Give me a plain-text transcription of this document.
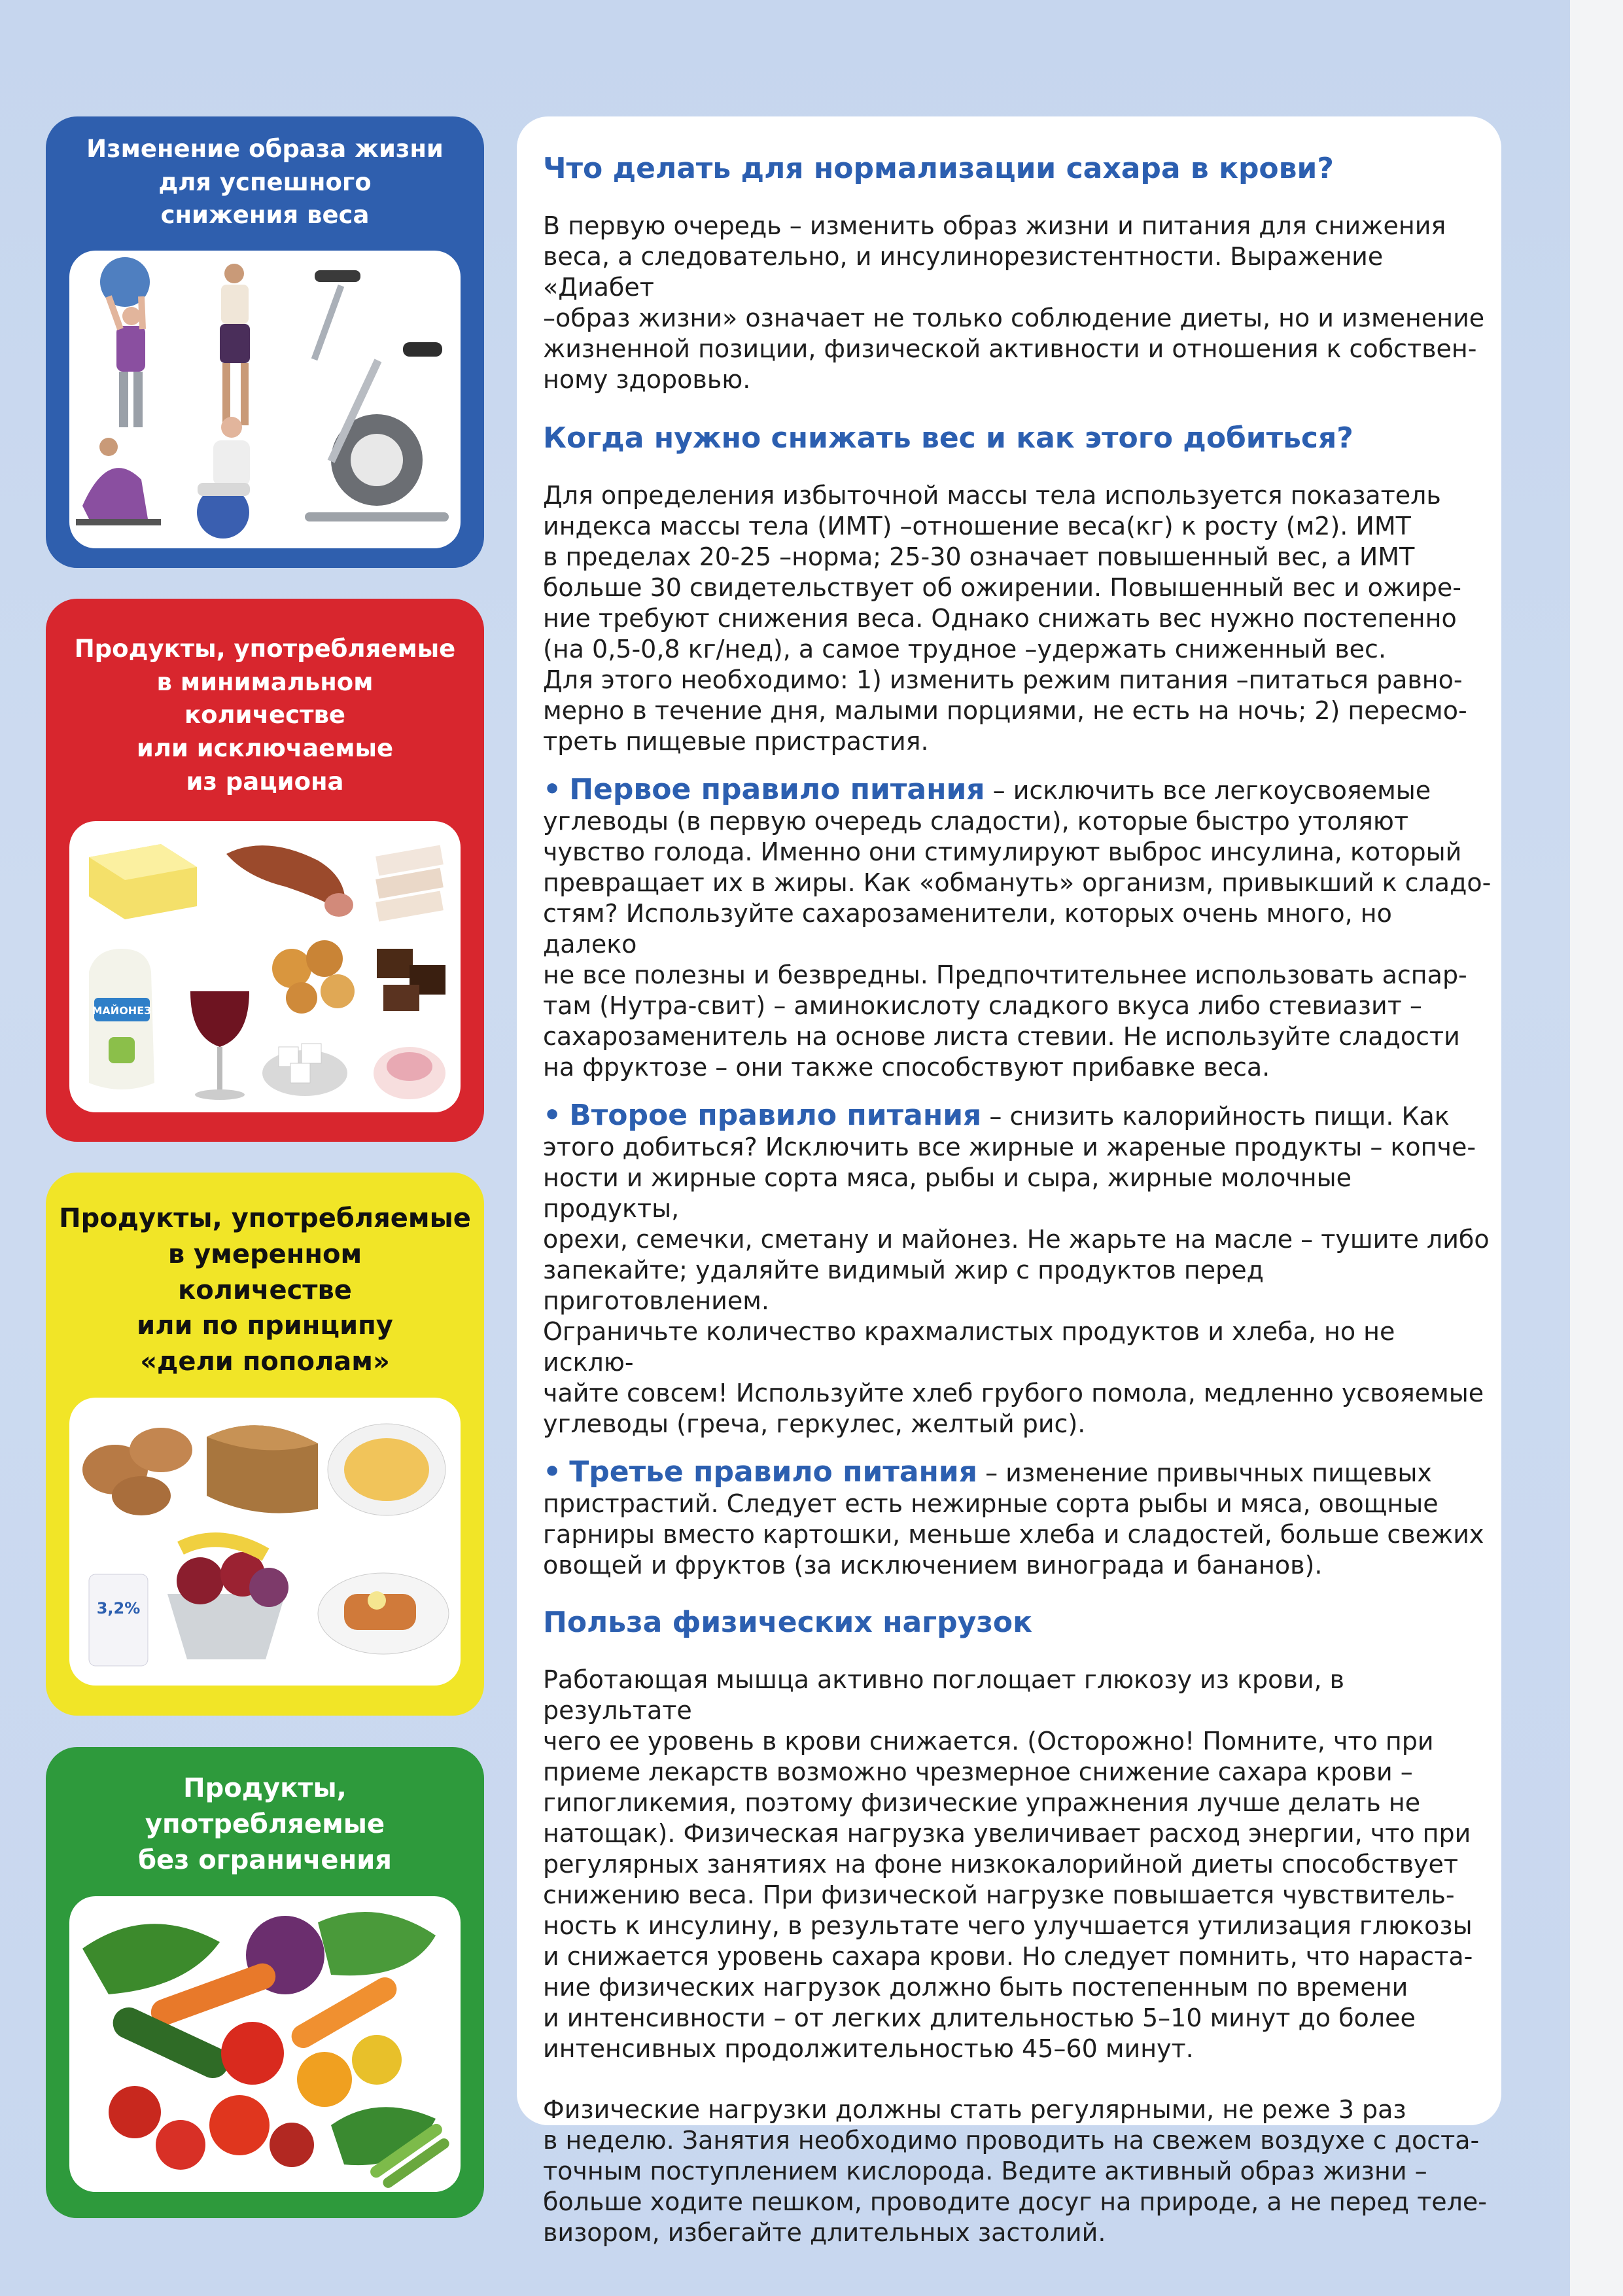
Изменение образа жизни
для успешного
снижения веса
Продукты, употребляемые
в минимальном
количестве
или исключаемые
из рациона
МАЙОНЕЗ
Продукты, употребляемые
в умеренном
количестве
или по принципу
«дели пополам»
3,2%
Продукты,
употребляемые
без ограничения
Что делать для нормализации сахара в крови?

В первую очередь – изменить образ жизни и питания для снижения
веса, а следовательно, и инсулинорезистентности. Выражение «Диабет
–образ жизни» означает не только соблюдение диеты, но и изменение
жизненной позиции, физической активности и отношения к собствен-
ному здоровью.

Когда нужно снижать вес и как этого добиться?

Для определения избыточной массы тела используется показатель
индекса массы тела (ИМТ) –отношение веса(кг) к росту (м2). ИМТ
в пределах 20-25 –норма; 25-30 означает повышенный вес, а ИМТ
больше 30 свидетельствует об ожирении. Повышенный вес и ожире-
ние требуют снижения веса. Однако снижать вес нужно постепенно
(на 0,5-0,8 кг/нед), а самое трудное –удержать сниженный вес.
Для этого необходимо: 1) изменить режим питания –питаться равно-
мерно в течение дня, малыми порциями, не есть на ночь; 2) пересмо-
треть пищевые пристрастия.

• Первое правило питания – исключить все легкоусвояемые
углеводы (в первую очередь сладости), которые быстро утоляют
чувство голода. Именно они стимулируют выброс инсулина, который
превращает их в жиры. Как «обмануть» организм, привыкший к сладо-
стям? Используйте сахарозаменители, которых очень много, но далеко
не все полезны и безвредны. Предпочтительнее использовать аспар-
там (Нутра-свит) – аминокислоту сладкого вкуса либо стевиазит –
сахарозаменитель на основе листа стевии. Не используйте сладости
на фруктозе – они также способствуют прибавке веса.

• Второе правило питания – снизить калорийность пищи. Как
этого добиться? Исключить все жирные и жареные продукты – копче-
ности и жирные сорта мяса, рыбы и сыра, жирные молочные продукты,
орехи, семечки, сметану и майонез. Не жарьте на масле – тушите либо
запекайте; удаляйте видимый жир с продуктов перед приготовлением.
Ограничьте количество крахмалистых продуктов и хлеба, но не исклю-
чайте совсем! Используйте хлеб грубого помола, медленно усвояемые
углеводы (греча, геркулес, желтый рис).

• Третье правило питания – изменение привычных пищевых
пристрастий. Следует есть нежирные сорта рыбы и мяса, овощные
гарниры вместо картошки, меньше хлеба и сладостей, больше свежих
овощей и фруктов (за исключением винограда и бананов).

Польза физических нагрузок

Работающая мышца активно поглощает глюкозу из крови, в результате
чего ее уровень в крови снижается. (Осторожно! Помните, что при
приеме лекарств возможно чрезмерное снижение сахара крови –
гипогликемия, поэтому физические упражнения лучше делать не
натощак). Физическая нагрузка увеличивает расход энергии, что при
регулярных занятиях на фоне низкокалорийной диеты способствует
снижению веса. При физической нагрузке повышается чувствитель-
ность к инсулину, в результате чего улучшается утилизация глюкозы
и снижается уровень сахара крови. Но следует помнить, что нараста-
ние физических нагрузок должно быть постепенным по времени
и интенсивности – от легких длительностью 5–10 минут до более
интенсивных продолжительностью 45–60 минут.

Физические нагрузки должны стать регулярными, не реже 3 раз
в неделю. Занятия необходимо проводить на свежем воздухе с доста-
точным поступлением кислорода. Ведите активный образ жизни –
больше ходите пешком, проводите досуг на природе, а не перед теле-
визором, избегайте длительных застолий.
